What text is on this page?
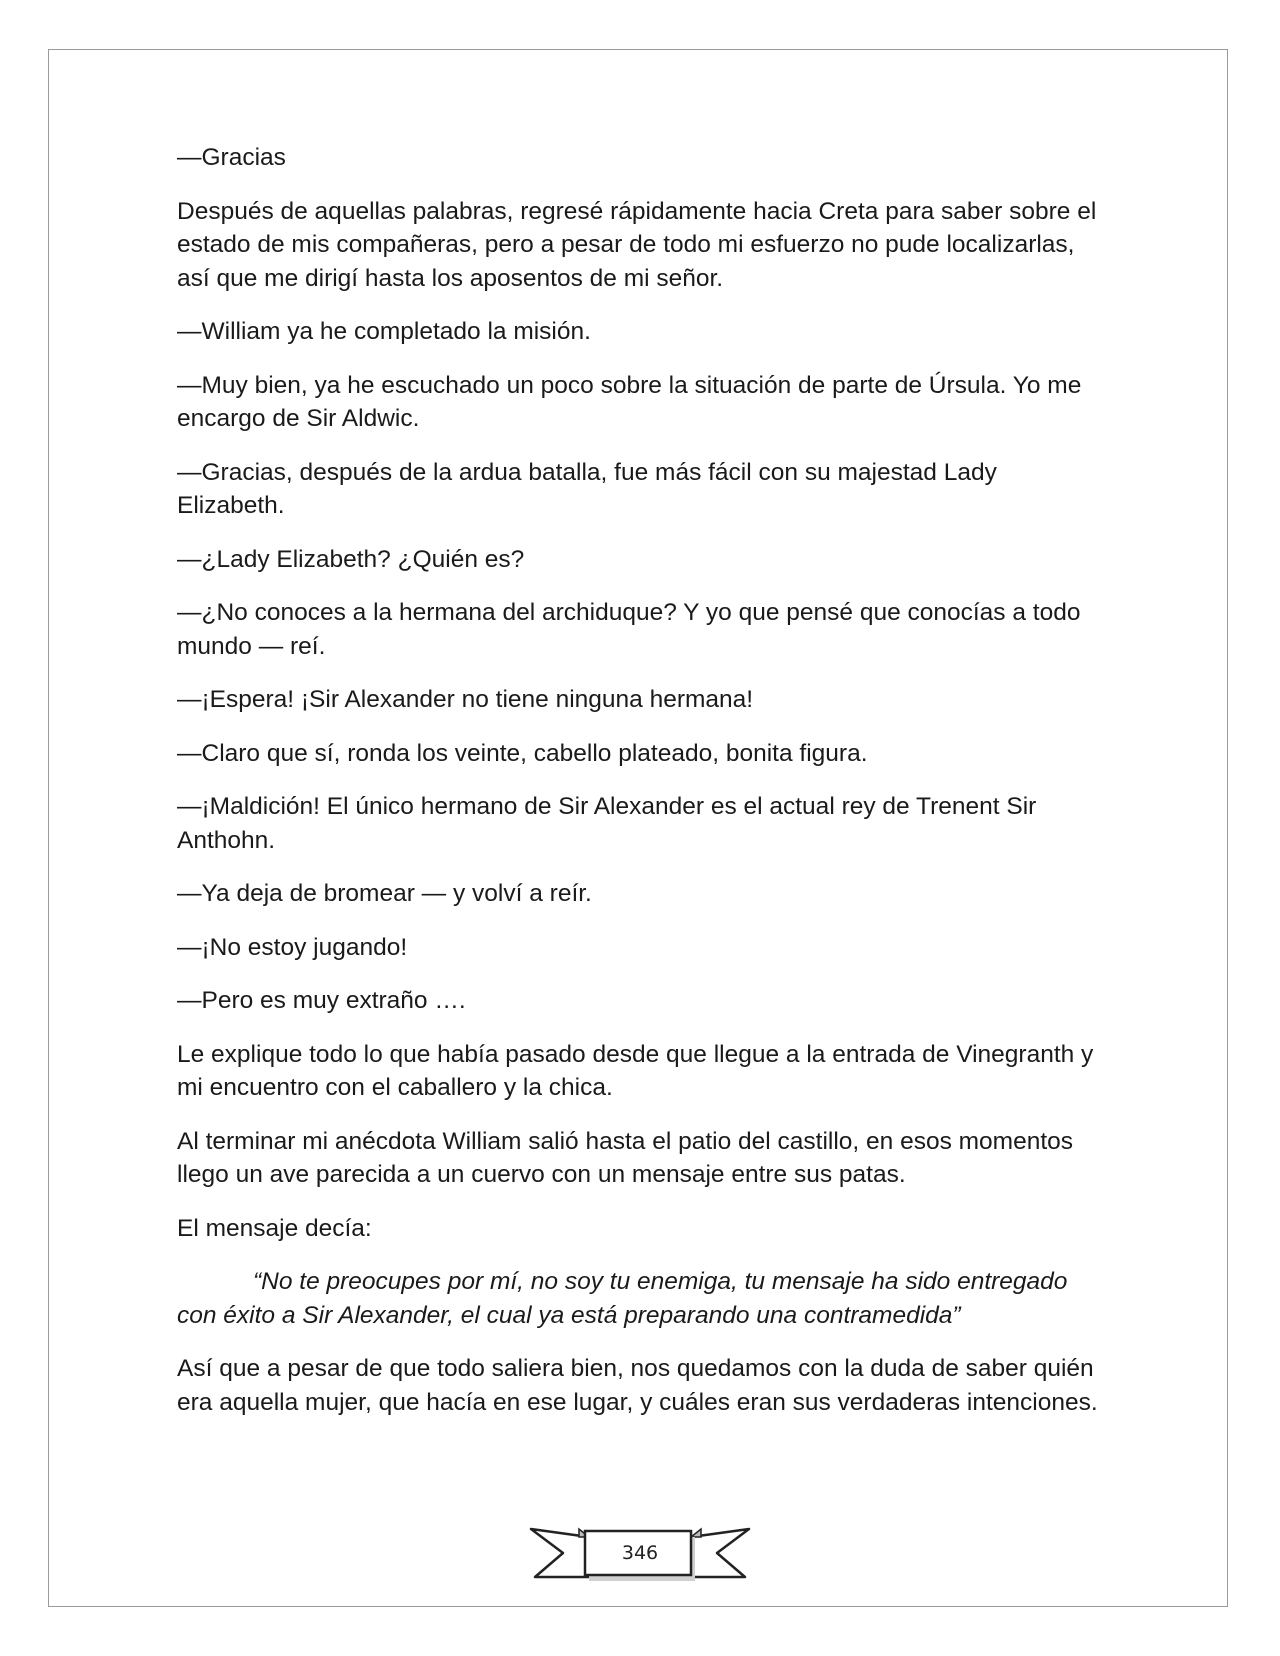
—Gracias

Después de aquellas palabras, regresé rápidamente hacia Creta para saber sobre el estado de mis compañeras, pero a pesar de todo mi esfuerzo no pude localizarlas, así que me dirigí hasta los aposentos de mi señor.

—William ya he completado la misión.

—Muy bien, ya he escuchado un poco sobre la situación de parte de Úrsula. Yo me encargo de Sir Aldwic.

—Gracias, después de la ardua batalla, fue más fácil con su majestad Lady Elizabeth.

—¿Lady Elizabeth? ¿Quién es?

—¿No conoces a la hermana del archiduque? Y yo que pensé que conocías a todo mundo — reí.

—¡Espera! ¡Sir Alexander no tiene ninguna hermana!

—Claro que sí, ronda los veinte, cabello plateado, bonita figura.

—¡Maldición! El único hermano de Sir Alexander es el actual rey de Trenent Sir Anthohn.

—Ya deja de bromear — y volví a reír.

—¡No estoy jugando!

—Pero es muy extraño ….

Le explique todo lo que había pasado desde que llegue a la entrada de Vinegranth y mi encuentro con el caballero y la chica.

Al terminar mi anécdota William salió hasta el patio del castillo, en esos momentos llego un ave parecida a un cuervo con un mensaje entre sus patas.

El mensaje decía:

“No te preocupes por mí, no soy tu enemiga, tu mensaje ha sido entregado con éxito a Sir Alexander, el cual ya está preparando una contramedida”

Así que a pesar de que todo saliera bien, nos quedamos con la duda de saber quién era aquella mujer, que hacía en ese lugar, y cuáles eran sus verdaderas intenciones.

346
